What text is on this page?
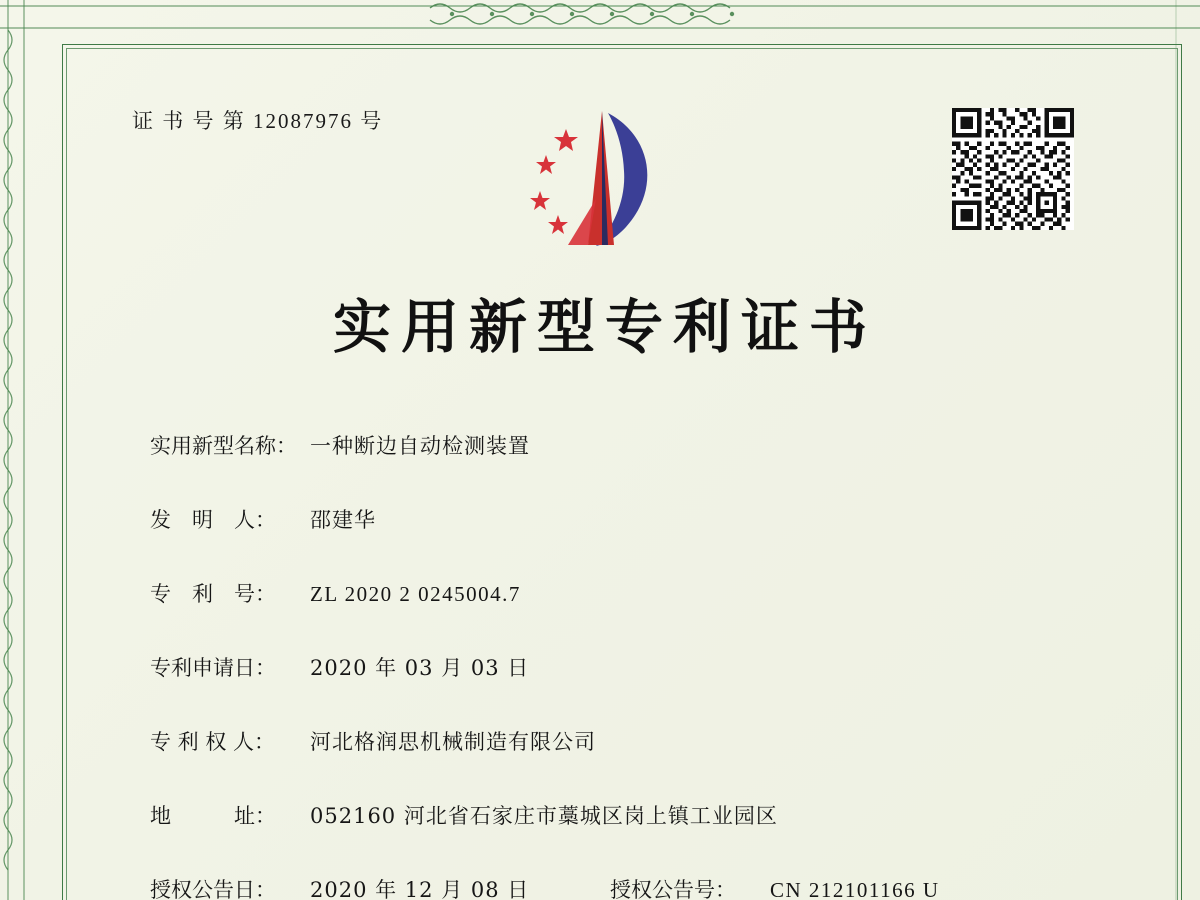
证 书 号 第 12087976 号
实用新型专利证书
实用新型名称： 一种断边自动检测装置
发　明　人： 邵建华
专　利　号： ZL 2020 2 0245004.7
专利申请日： 2020 年 03 月 03 日
专 利 权 人： 河北格润思机械制造有限公司
地　　　址： 052160 河北省石家庄市藁城区岗上镇工业园区
授权公告日： 2020 年 12 月 08 日	授权公告号： CN 212101166 U
